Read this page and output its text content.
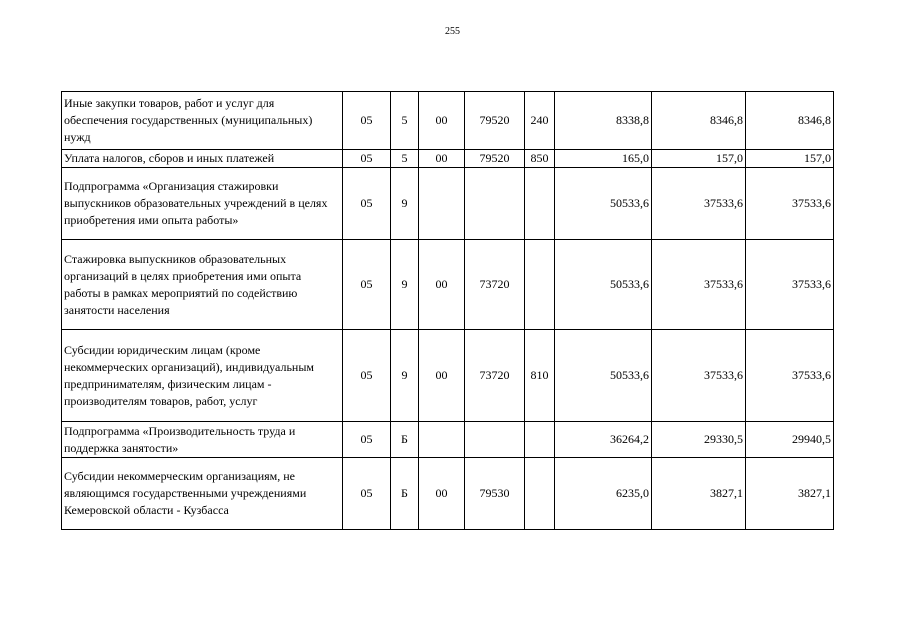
255
Иные закупки товаров, работ и услуг для обеспечения государственных (муниципальных) нужд	05	5	00	79520	240	8338,8	8346,8	8346,8
Уплата налогов, сборов и иных платежей	05	5	00	79520	850	165,0	157,0	157,0
Подпрограмма «Организация стажировки выпускников образовательных учреждений в целях приобретения ими опыта работы»	05	9				50533,6	37533,6	37533,6
Стажировка выпускников образовательных организаций в целях приобретения ими опыта работы в рамках мероприятий по содействию занятости населения	05	9	00	73720		50533,6	37533,6	37533,6
Субсидии юридическим лицам (кроме некоммерческих организаций), индивидуальным предпринимателям, физическим лицам - производителям товаров, работ, услуг	05	9	00	73720	810	50533,6	37533,6	37533,6
Подпрограмма «Производительность труда и поддержка занятости»	05	Б				36264,2	29330,5	29940,5
Субсидии некоммерческим организациям, не являющимся государственными учреждениями Кемеровской области - Кузбасса	05	Б	00	79530		6235,0	3827,1	3827,1
